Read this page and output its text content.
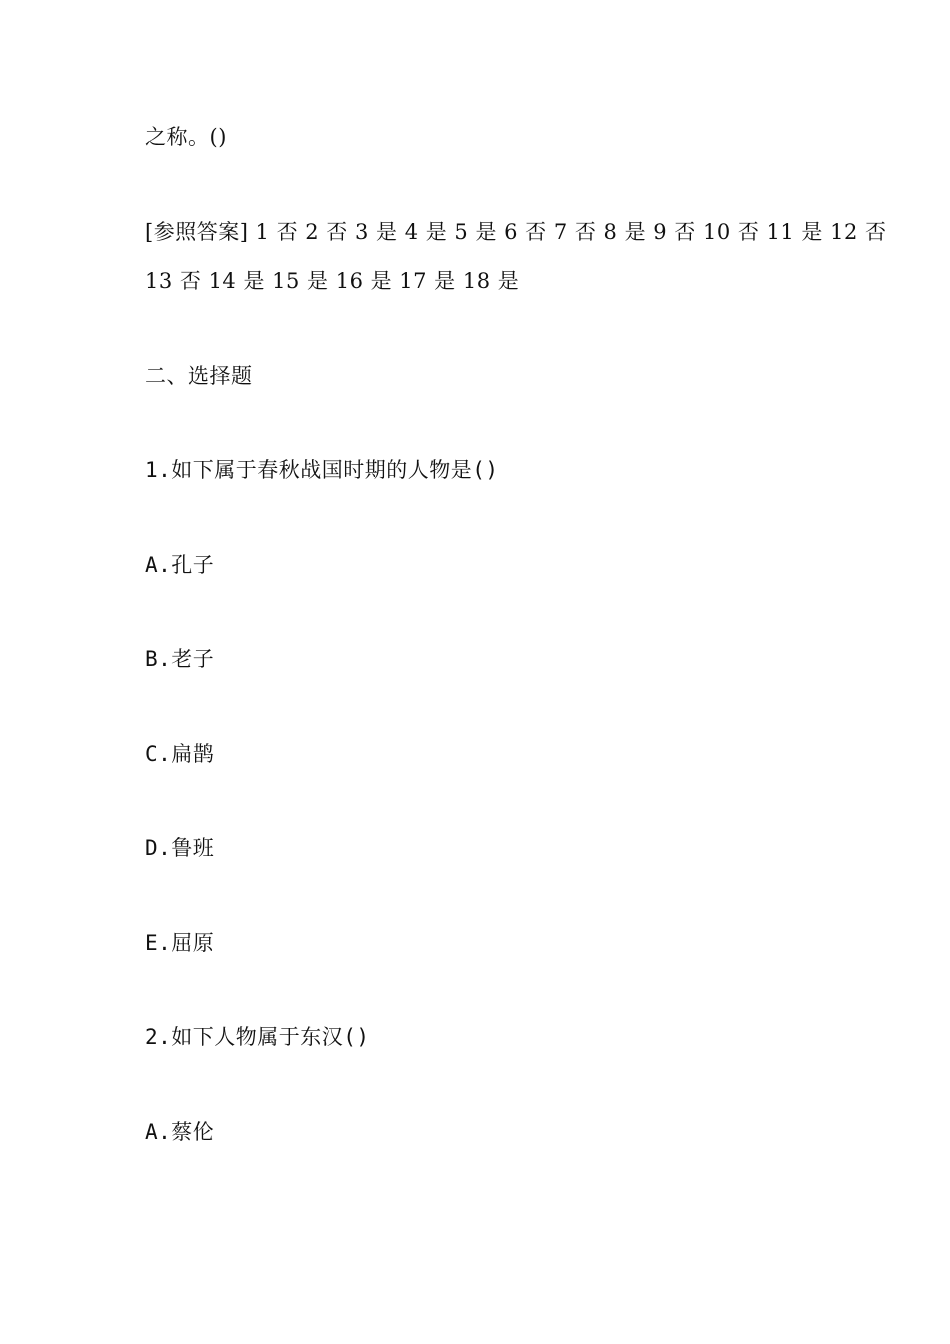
之称。()
[参照答案] 1 否 2 否 3 是 4 是 5 是 6 否 7 否 8 是 9 否 10 否 11 是 12 否
13 否 14 是 15 是 16 是 17 是 18 是
二、选择题
1.如下属于春秋战国时期的人物是()
A.孔子
B.老子
C.扁鹊
D.鲁班
E.屈原
2.如下人物属于东汉()
A.蔡伦
